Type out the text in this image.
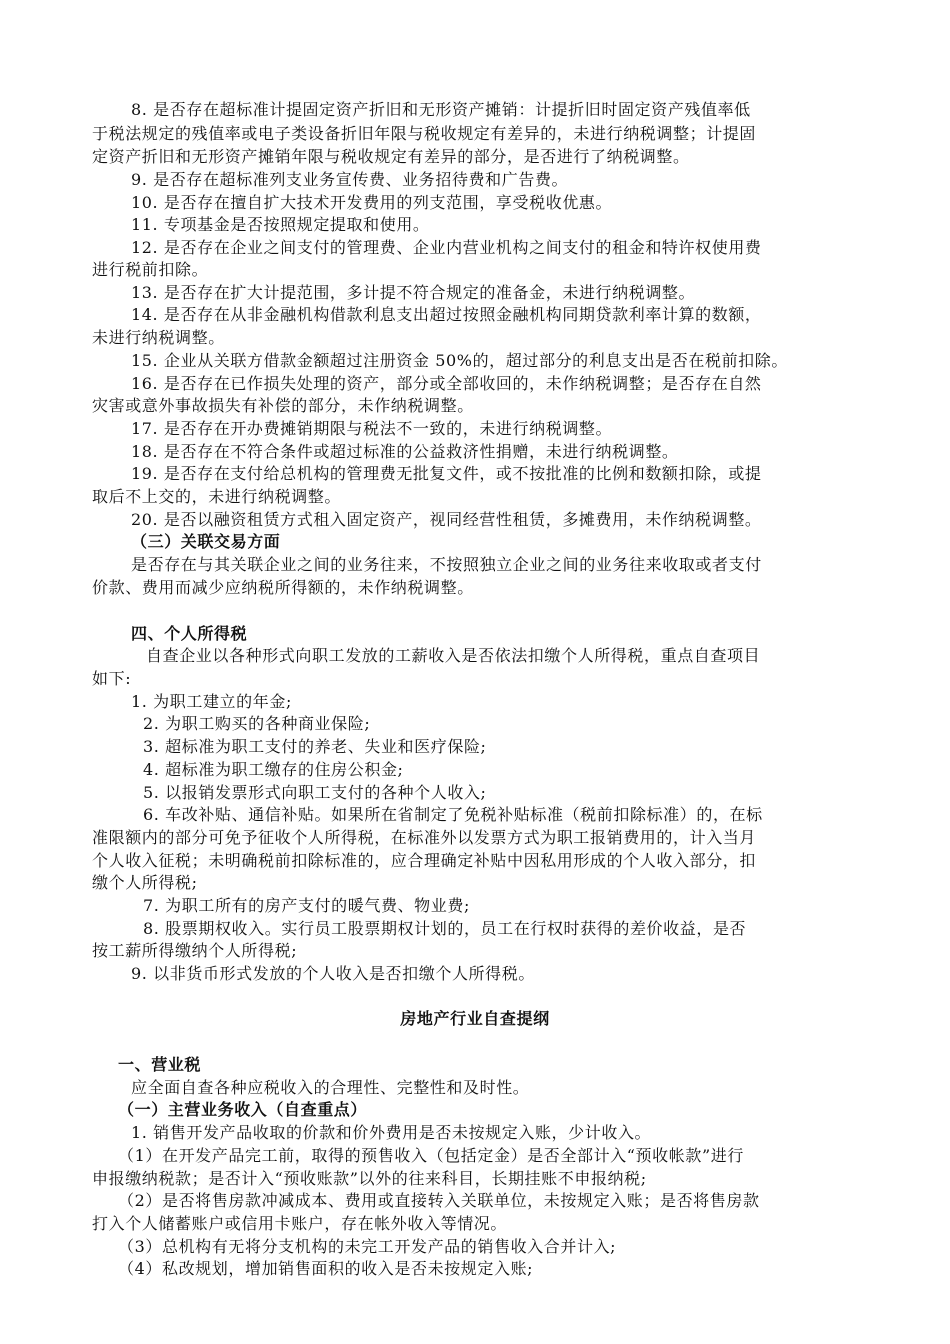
8. 是否存在超标准计提固定资产折旧和无形资产摊销：计提折旧时固定资产残值率低
于税法规定的残值率或电子类设备折旧年限与税收规定有差异的，未进行纳税调整；计提固
定资产折旧和无形资产摊销年限与税收规定有差异的部分，是否进行了纳税调整。
9. 是否存在超标准列支业务宣传费、业务招待费和广告费。
10. 是否存在擅自扩大技术开发费用的列支范围，享受税收优惠。
11. 专项基金是否按照规定提取和使用。
12. 是否存在企业之间支付的管理费、企业内营业机构之间支付的租金和特许权使用费
进行税前扣除。
13. 是否存在扩大计提范围，多计提不符合规定的准备金，未进行纳税调整。
14. 是否存在从非金融机构借款利息支出超过按照金融机构同期贷款利率计算的数额，
未进行纳税调整。
15. 企业从关联方借款金额超过注册资金 50%的，超过部分的利息支出是否在税前扣除。
16. 是否存在已作损失处理的资产，部分或全部收回的，未作纳税调整；是否存在自然
灾害或意外事故损失有补偿的部分，未作纳税调整。
17. 是否存在开办费摊销期限与税法不一致的，未进行纳税调整。
18. 是否存在不符合条件或超过标准的公益救济性捐赠，未进行纳税调整。
19. 是否存在支付给总机构的管理费无批复文件，或不按批准的比例和数额扣除，或提
取后不上交的，未进行纳税调整。
20. 是否以融资租赁方式租入固定资产，视同经营性租赁，多摊费用，未作纳税调整。
（三）关联交易方面
是否存在与其关联企业之间的业务往来，不按照独立企业之间的业务往来收取或者支付
价款、费用而减少应纳税所得额的，未作纳税调整。
四、个人所得税
自查企业以各种形式向职工发放的工薪收入是否依法扣缴个人所得税，重点自查项目
如下:
1. 为职工建立的年金;
2. 为职工购买的各种商业保险;
3. 超标准为职工支付的养老、失业和医疗保险;
4. 超标准为职工缴存的住房公积金;
5. 以报销发票形式向职工支付的各种个人收入;
6. 车改补贴、通信补贴。如果所在省制定了免税补贴标准（税前扣除标准）的，在标
准限额内的部分可免予征收个人所得税，在标准外以发票方式为职工报销费用的，计入当月
个人收入征税；未明确税前扣除标准的，应合理确定补贴中因私用形成的个人收入部分，扣
缴个人所得税;
7. 为职工所有的房产支付的暖气费、物业费;
8. 股票期权收入。实行员工股票期权计划的，员工在行权时获得的差价收益，是否
按工薪所得缴纳个人所得税;
9. 以非货币形式发放的个人收入是否扣缴个人所得税。
房地产行业自查提纲
一、营业税
应全面自查各种应税收入的合理性、完整性和及时性。
（一）主营业务收入（自查重点）
1. 销售开发产品收取的价款和价外费用是否未按规定入账，少计收入。
（1）在开发产品完工前，取得的预售收入（包括定金）是否全部计入“预收帐款”进行
申报缴纳税款；是否计入“预收账款”以外的往来科目，长期挂账不申报纳税;
（2）是否将售房款冲减成本、费用或直接转入关联单位，未按规定入账；是否将售房款
打入个人储蓄账户或信用卡账户，存在帐外收入等情况。
（3）总机构有无将分支机构的未完工开发产品的销售收入合并计入;
（4）私改规划，增加销售面积的收入是否未按规定入账;
